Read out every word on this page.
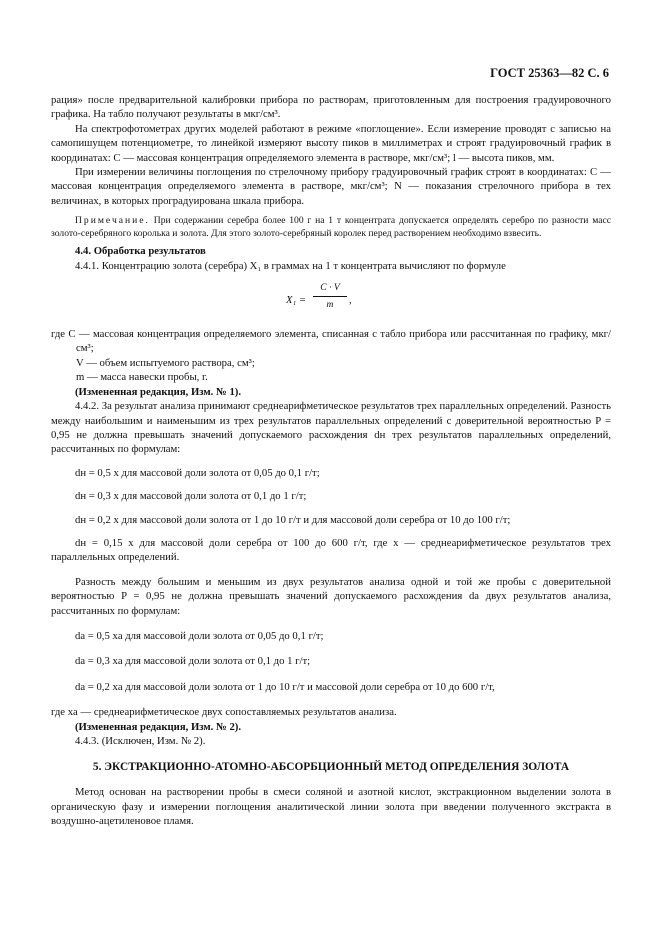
ГОСТ 25363—82 С. 6

рация» после предварительной калибровки прибора по растворам, приготовленным для построения градуировочного графика. На табло получают результаты в мкг/см³.

На спектрофотометрах других моделей работают в режиме «поглощение». Если измерение проводят с записью на самопишущем потенциометре, то линейкой измеряют высоту пиков в миллиметрах и строят градуировочный график в координатах: C — массовая концентрация определяемого элемента в растворе, мкг/см³; l — высота пиков, мм.

При измерении величины поглощения по стрелочному прибору градуировочный график строят в координатах: C — массовая концентрация определяемого элемента в растворе, мкг/см³; N — показания стрелочного прибора в тех величинах, в которых проградуирована шкала прибора.

Примечание. При содержании серебра более 100 г на 1 т концентрата допускается определять серебро по разности масс золото-серебряного королька и золота. Для этого золото-серебряный королек перед растворением необходимо взвесить.

4.4. Обработка результатов

4.4.1. Концентрацию золота (серебра) X₁ в граммах на 1 т концентрата вычисляют по формуле

$X_1 = \frac{C \cdot V}{m}$ ,

где C — массовая концентрация определяемого элемента, списанная с табло прибора или рассчитанная по графику, мкг/см³;

V — объем испытуемого раствора, см³;

m — масса навески пробы, г.

(Измененная редакция, Изм. № 1).

4.4.2. За результат анализа принимают среднеарифметическое результатов трех параллельных определений. Разность между наибольшим и наименьшим из трех результатов параллельных определений с доверительной вероятностью P = 0,95 не должна превышать значений допускаемого расхождения dн трех результатов параллельных определений, рассчитанных по формулам:

dн = 0,5 x для массовой доли золота от 0,05 до 0,1 г/т;

dн = 0,3 x для массовой доли золота от 0,1 до 1 г/т;

dн = 0,2 x для массовой доли золота от 1 до 10 г/т и для массовой доли серебра от 10 до 100 г/т;

dн = 0,15 x для массовой доли серебра от 100 до 600 г/т, где x — среднеарифметическое результатов трех параллельных определений.

Разность между большим и меньшим из двух результатов анализа одной и той же пробы с доверительной вероятностью P = 0,95 не должна превышать значений допускаемого расхождения dа двух результатов анализа, рассчитанных по формулам:

dа = 0,5 xа для массовой доли золота от 0,05 до 0,1 г/т;

dа = 0,3 xа для массовой доли золота от 0,1 до 1 г/т;

dа = 0,2 xа для массовой доли золота от 1 до 10 г/т и массовой доли серебра от 10 до 600 г/т,

где xа — среднеарифметическое двух сопоставляемых результатов анализа.

(Измененная редакция, Изм. № 2).

4.4.3. (Исключен, Изм. № 2).

5. ЭКСТРАКЦИОННО-АТОМНО-АБСОРБЦИОННЫЙ МЕТОД ОПРЕДЕЛЕНИЯ ЗОЛОТА

Метод основан на растворении пробы в смеси соляной и азотной кислот, экстракционном выделении золота в органическую фазу и измерении поглощения аналитической линии золота при введении полученного экстракта в воздушно-ацетиленовое пламя.
